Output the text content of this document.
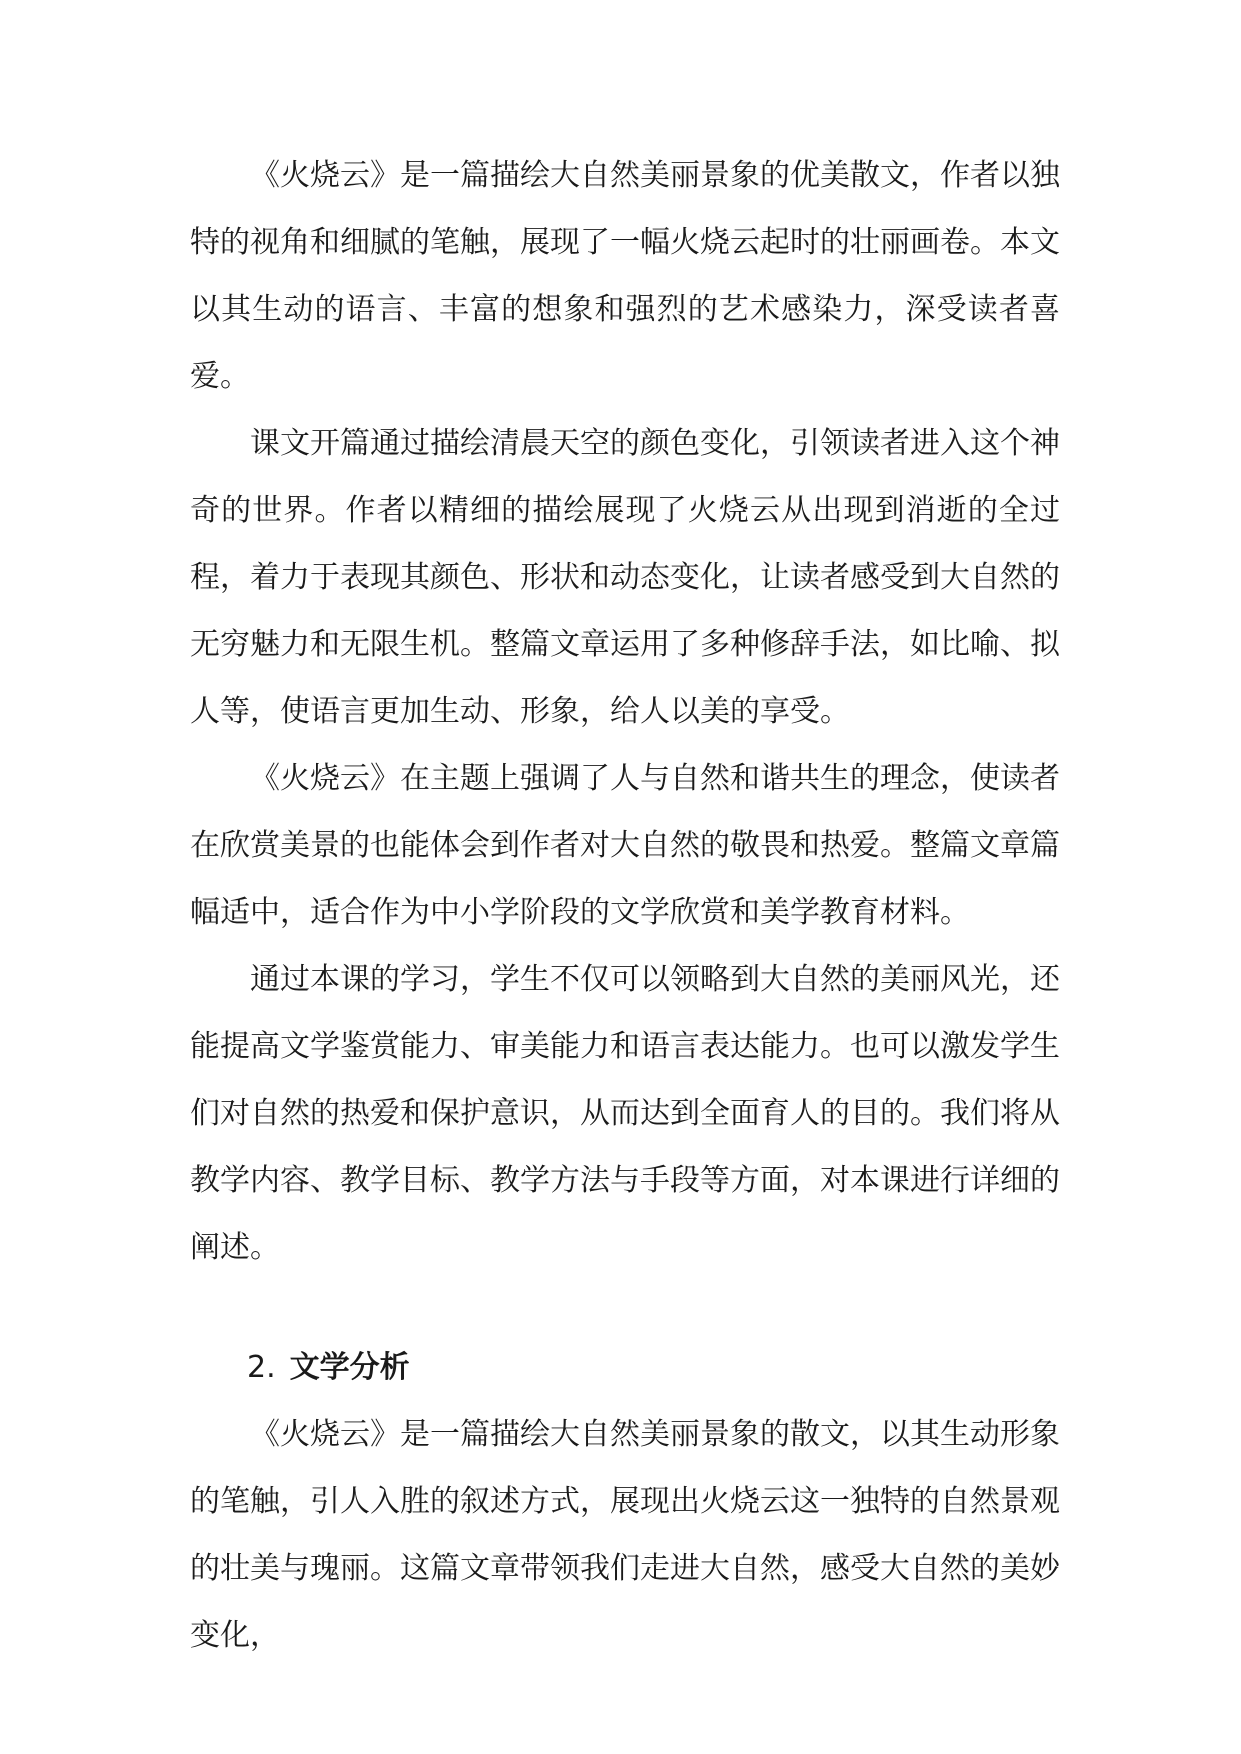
《火烧云》是一篇描绘大自然美丽景象的优美散文，作者以独特的视角和细腻的笔触，展现了一幅火烧云起时的壮丽画卷。本文以其生动的语言、丰富的想象和强烈的艺术感染力，深受读者喜爱。

课文开篇通过描绘清晨天空的颜色变化，引领读者进入这个神奇的世界。作者以精细的描绘展现了火烧云从出现到消逝的全过程，着力于表现其颜色、形状和动态变化，让读者感受到大自然的无穷魅力和无限生机。整篇文章运用了多种修辞手法，如比喻、拟人等，使语言更加生动、形象，给人以美的享受。

《火烧云》在主题上强调了人与自然和谐共生的理念，使读者在欣赏美景的也能体会到作者对大自然的敬畏和热爱。整篇文章篇幅适中，适合作为中小学阶段的文学欣赏和美学教育材料。

通过本课的学习，学生不仅可以领略到大自然的美丽风光，还能提高文学鉴赏能力、审美能力和语言表达能力。也可以激发学生们对自然的热爱和保护意识，从而达到全面育人的目的。我们将从教学内容、教学目标、教学方法与手段等方面，对本课进行详细的阐述。

2. 文学分析

《火烧云》是一篇描绘大自然美丽景象的散文，以其生动形象的笔触，引人入胜的叙述方式，展现出火烧云这一独特的自然景观的壮美与瑰丽。这篇文章带领我们走进大自然，感受大自然的美妙变化，
